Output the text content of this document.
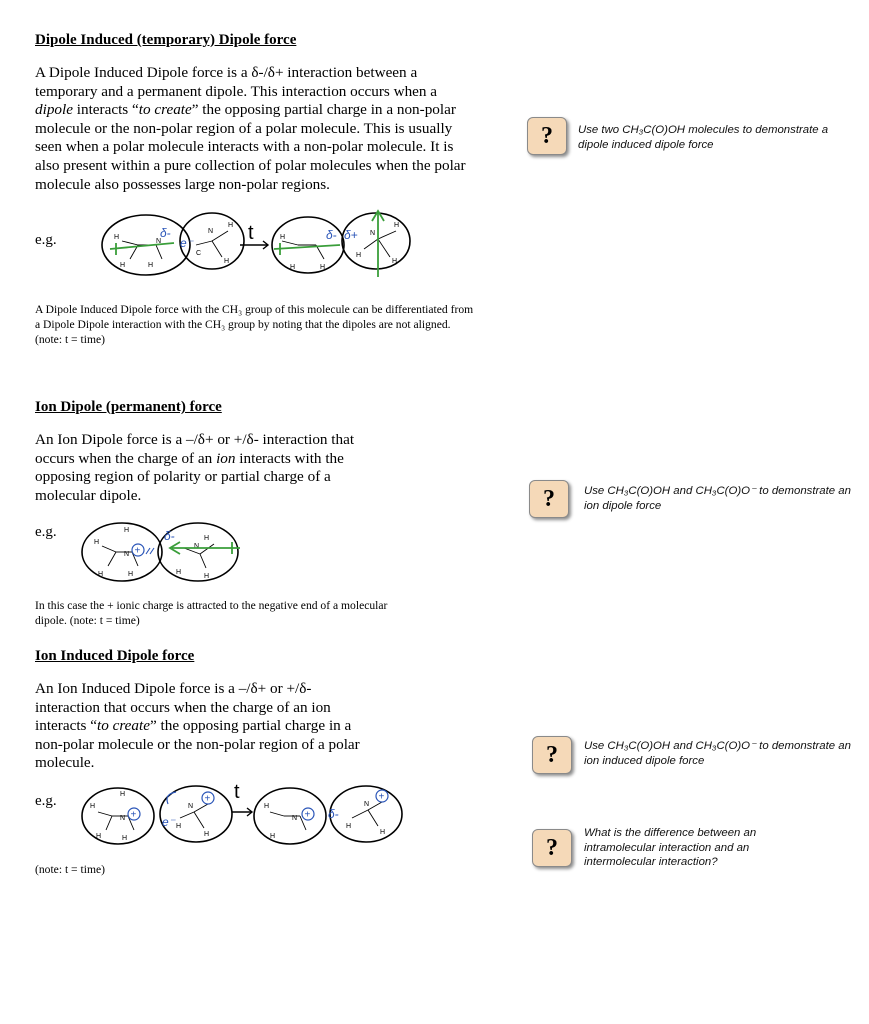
Dipole Induced (temporary) Dipole force
A Dipole Induced Dipole force is a δ-/δ+ interaction between a temporary and a permanent dipole. This interaction occurs when a dipole interacts “to create” the opposing partial charge in a non-polar molecule or the non-polar region of a polar molecule. This is usually seen when a polar molecule interacts with a non-polar molecule. It is also present within a pure collection of polar molecules when the polar molecule also possesses large non-polar regions.
e.g.	H
H	H
N
N
H
C
H
H
H	H
N
H
H
H
δ-
e⁻
δ- δ+
t
A Dipole Induced Dipole force with the CH₃ group of this molecule can be differentiated from a Dipole Dipole interaction with the CH₃ group by noting that the dipoles are not aligned. (note: t = time)
Ion Dipole (permanent) force
An Ion Dipole force is a –/δ+ or +/δ- interaction that occurs when the charge of an ion interacts with the opposing region of polarity or partial charge of a molecular dipole.
e.g.
+
H
H
H	H
N
N
H
H
H
δ-
In this case the + ionic charge is attracted to the negative end of a molecular dipole. (note: t = time)
Ion Induced Dipole force
An Ion Induced Dipole force is a –/δ+ or +/δ- interaction that occurs when the charge of an ion interacts “to create” the opposing partial charge in a non-polar molecule or the non-polar region of a polar molecule.
e.g.
+
+
+
+
H
H
H	H
N
N
H
H
H
H
N
N
H
H
e⁻
δ-
t
(note: t = time)
?	Use two CH₃C(O)OH molecules to demonstrate a dipole induced dipole force
?	Use CH₃C(O)OH and CH₃C(O)O⁻ to demonstrate an ion dipole force
?	Use CH₃C(O)OH and CH₃C(O)O⁻ to demonstrate an ion induced dipole force
?
What is the difference between an intramolecular interaction and an intermolecular interaction?
